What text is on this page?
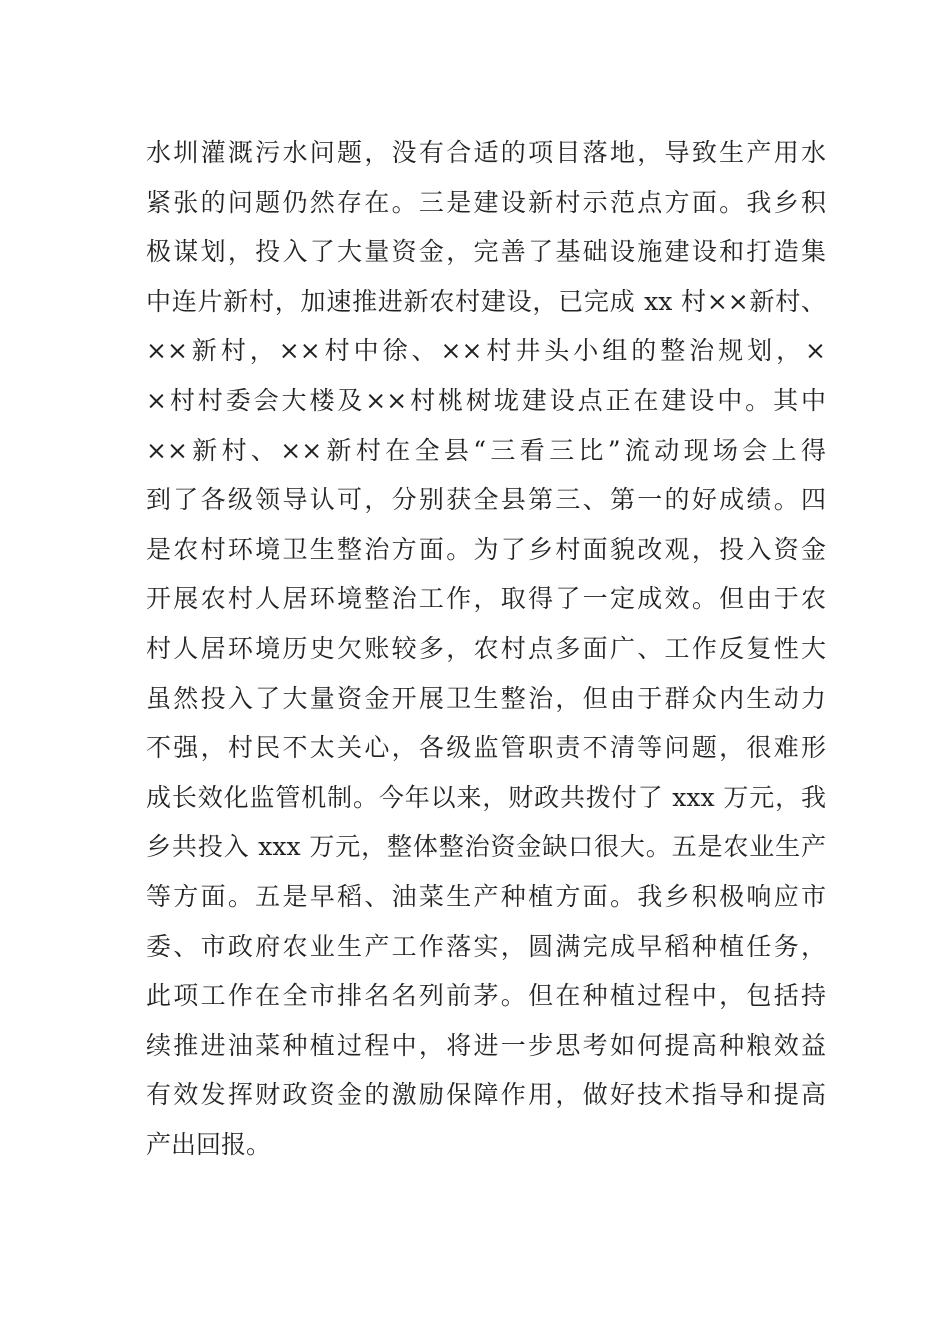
水圳灌溉污水问题，没有合适的项目落地，导致生产用水
紧张的问题仍然存在。三是建设新村示范点方面。我乡积
极谋划，投入了大量资金，完善了基础设施建设和打造集
中连片新村，加速推进新农村建设，已完成 xx 村××新村、
××新村，××村中徐、××村井头小组的整治规划，×
×村村委会大楼及××村桃树垅建设点正在建设中。其中
××新村、××新村在全县“三看三比”流动现场会上得
到了各级领导认可，分别获全县第三、第一的好成绩。四
是农村环境卫生整治方面。为了乡村面貌改观，投入资金
开展农村人居环境整治工作，取得了一定成效。但由于农
村人居环境历史欠账较多，农村点多面广、工作反复性大
虽然投入了大量资金开展卫生整治，但由于群众内生动力
不强，村民不太关心，各级监管职责不清等问题，很难形
成长效化监管机制。今年以来，财政共拨付了 xxx 万元，我
乡共投入 xxx 万元，整体整治资金缺口很大。五是农业生产
等方面。五是早稻、油菜生产种植方面。我乡积极响应市
委、市政府农业生产工作落实，圆满完成早稻种植任务，
此项工作在全市排名名列前茅。但在种植过程中，包括持
续推进油菜种植过程中，将进一步思考如何提高种粮效益
有效发挥财政资金的激励保障作用，做好技术指导和提高
产出回报。
